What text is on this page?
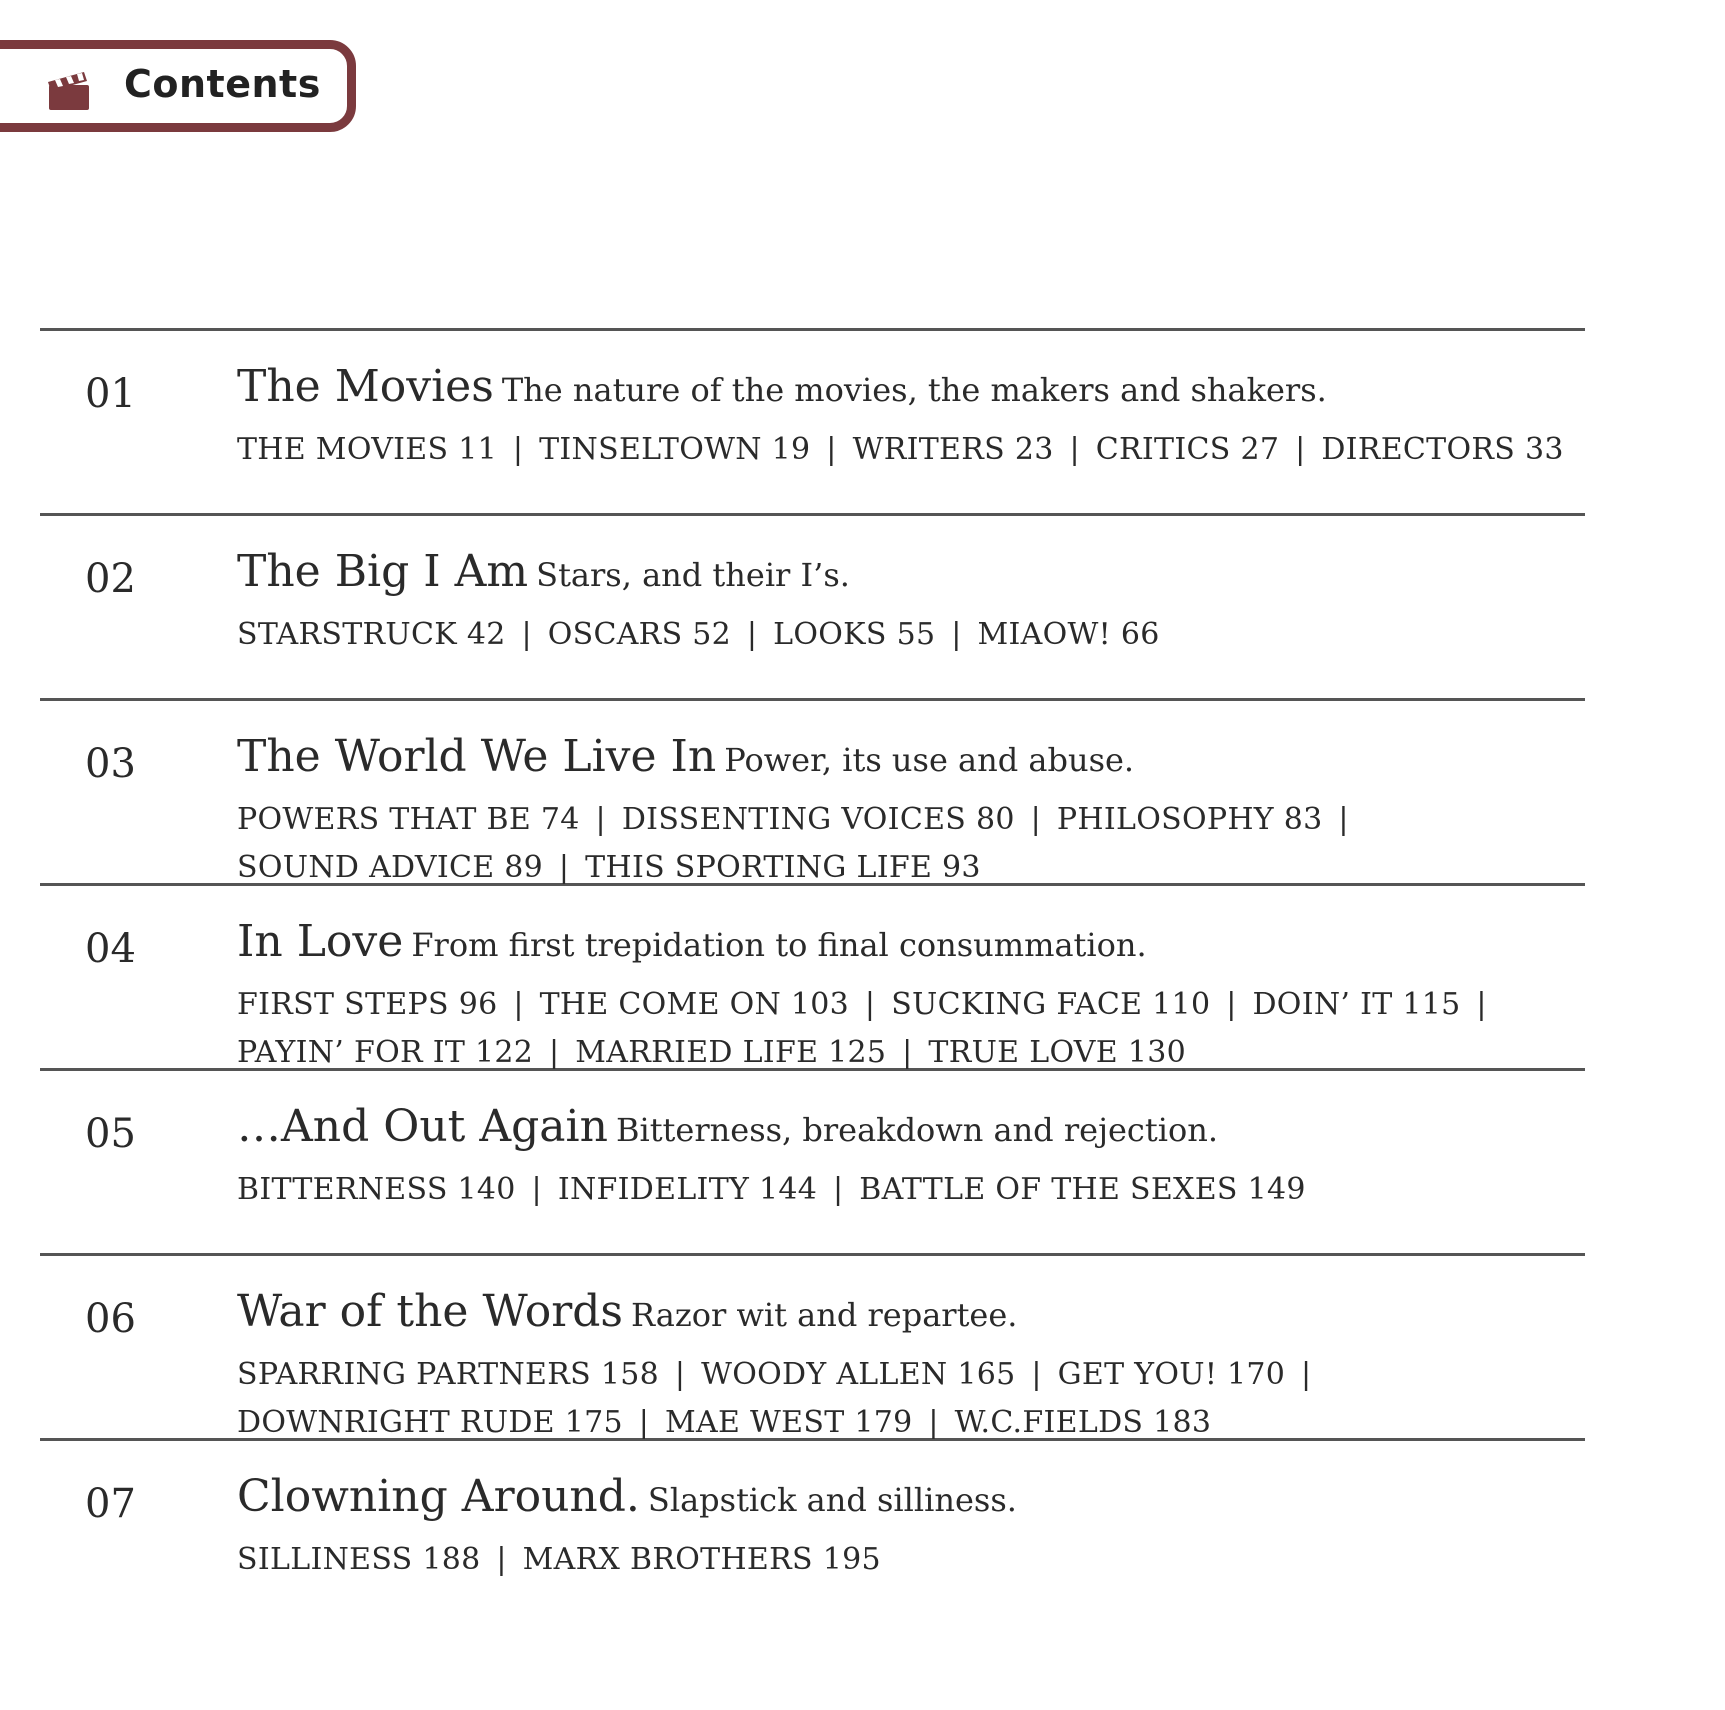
Contents
01 The Movies The nature of the movies, the makers and shakers.
THE MOVIES 11 | TINSELTOWN 19 | WRITERS 23 | CRITICS 27 | DIRECTORS 33
02 The Big I Am Stars, and their I’s.
STARSTRUCK 42 | OSCARS 52 | LOOKS 55 | MIAOW! 66
03 The World We Live In Power, its use and abuse.
POWERS THAT BE 74 | DISSENTING VOICES 80 | PHILOSOPHY 83 | SOUND ADVICE 89 | THIS SPORTING LIFE 93
04 In Love From first trepidation to final consummation.
FIRST STEPS 96 | THE COME ON 103 | SUCKING FACE 110 | DOIN’ IT 115 | PAYIN’ FOR IT 122 | MARRIED LIFE 125 | TRUE LOVE 130
05 …And Out Again Bitterness, breakdown and rejection.
BITTERNESS 140 | INFIDELITY 144 | BATTLE OF THE SEXES 149
06 War of the Words Razor wit and repartee.
SPARRING PARTNERS 158 | WOODY ALLEN 165 | GET YOU! 170 | DOWNRIGHT RUDE 175 | MAE WEST 179 | W.C.FIELDS 183
07 Clowning Around. Slapstick and silliness.
SILLINESS 188 | MARX BROTHERS 195
